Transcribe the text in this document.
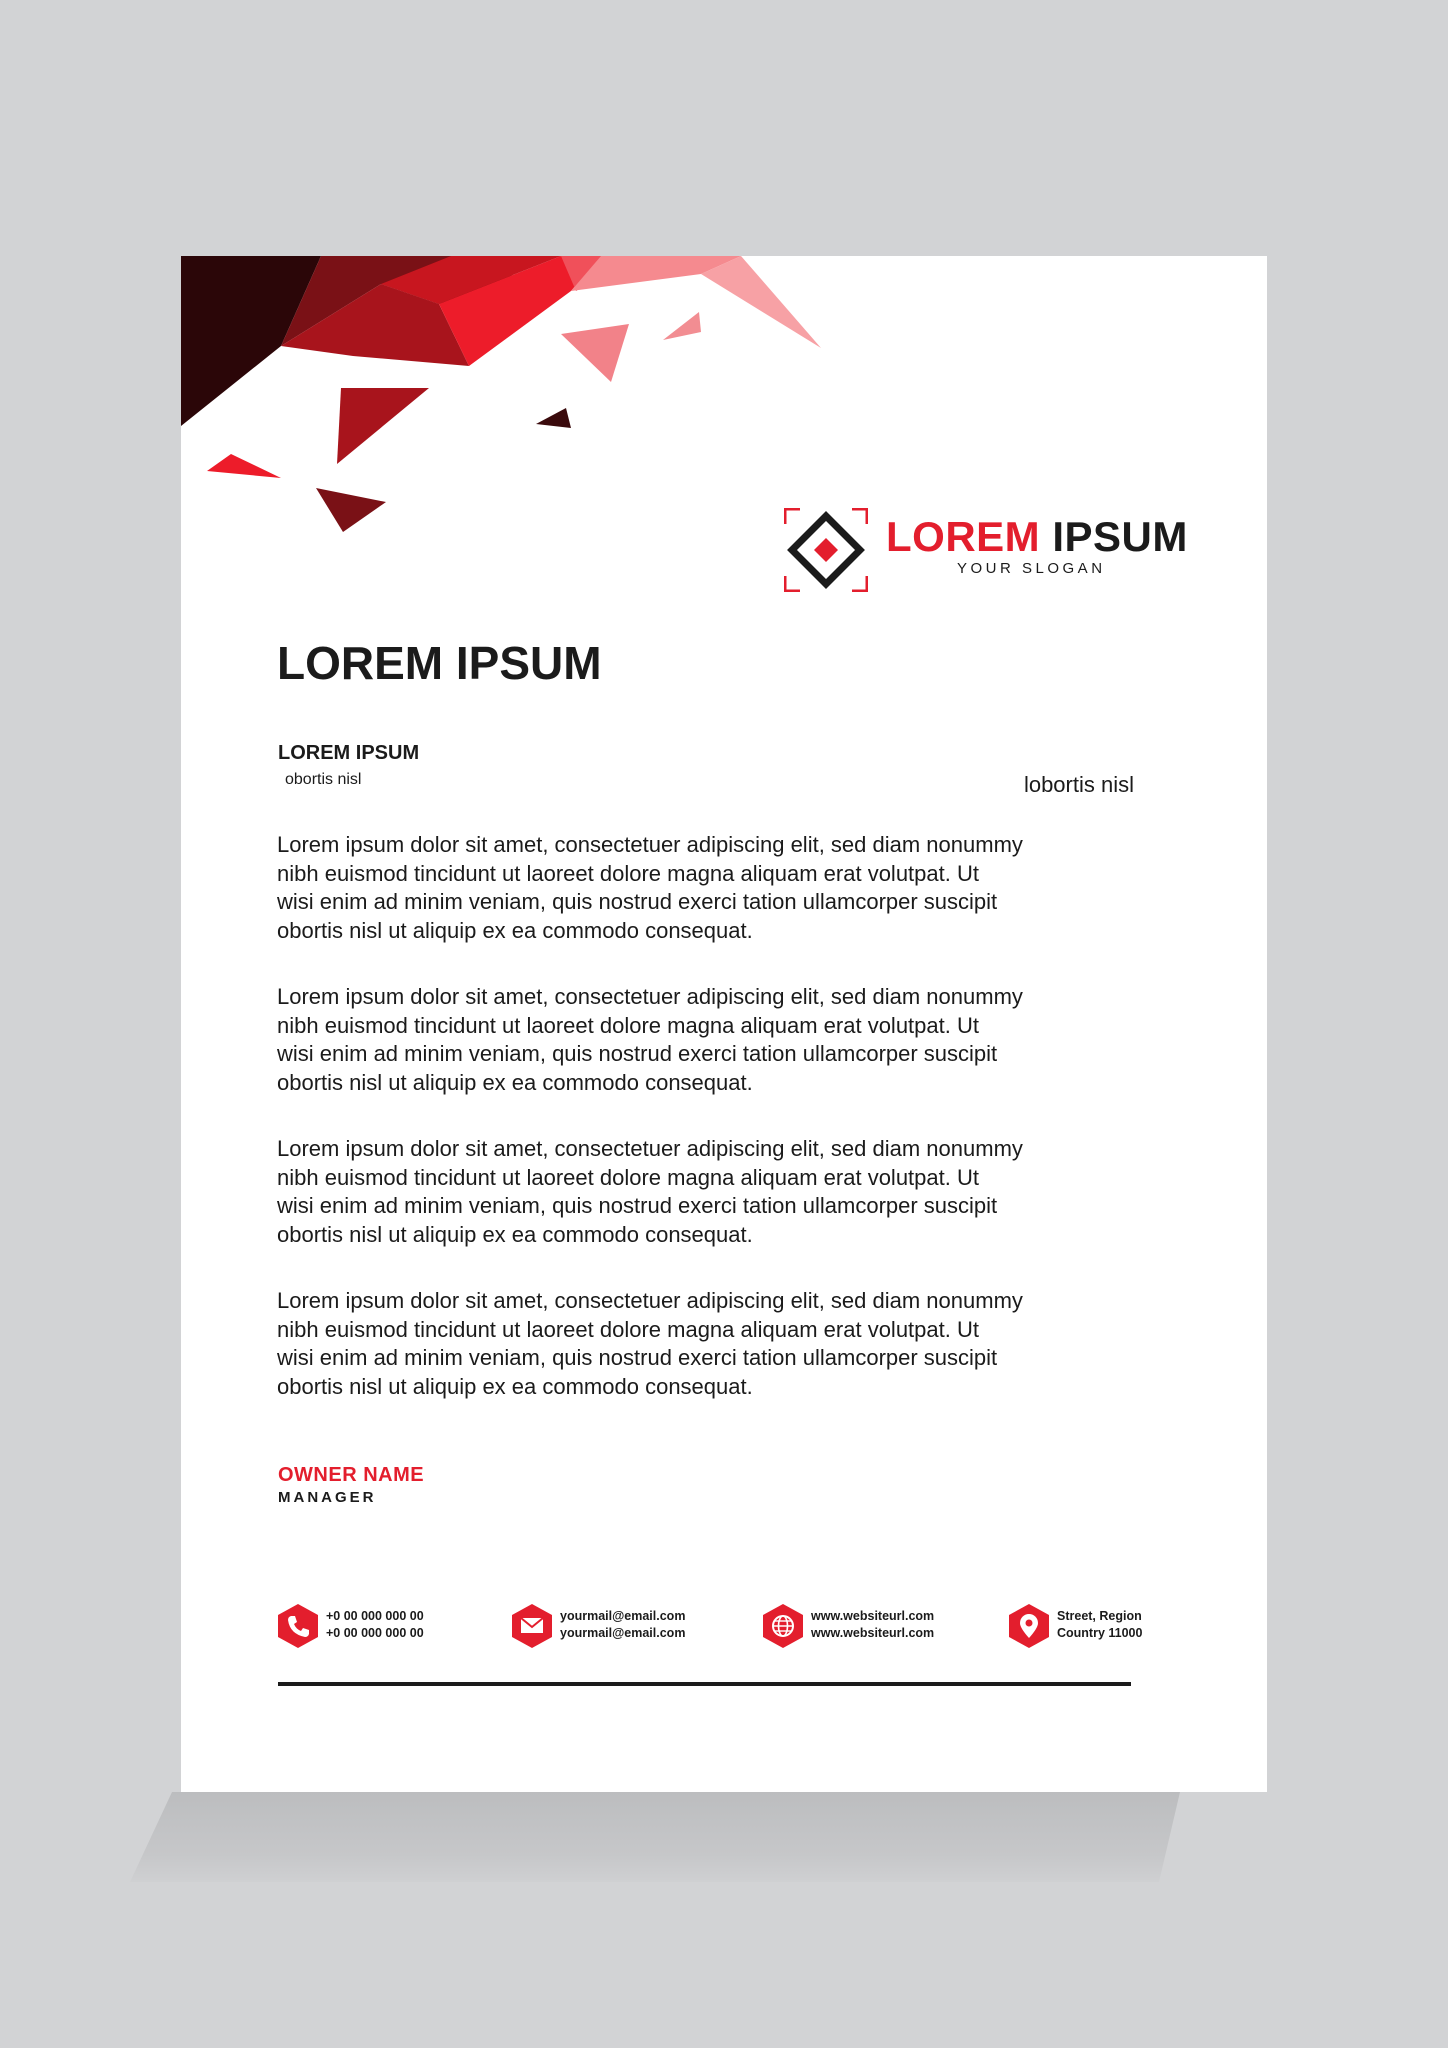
LOREM IPSUM
YOUR SLOGAN
LOREM IPSUM
LOREM IPSUM
obortis nisl	lobortis nisl

Lorem ipsum dolor sit amet, consectetuer adipiscing elit, sed diam nonummy
nibh euismod tincidunt ut laoreet dolore magna aliquam erat volutpat. Ut
wisi enim ad minim veniam, quis nostrud exerci tation ullamcorper suscipit
obortis nisl ut aliquip ex ea commodo consequat.

Lorem ipsum dolor sit amet, consectetuer adipiscing elit, sed diam nonummy
nibh euismod tincidunt ut laoreet dolore magna aliquam erat volutpat. Ut
wisi enim ad minim veniam, quis nostrud exerci tation ullamcorper suscipit
obortis nisl ut aliquip ex ea commodo consequat.

Lorem ipsum dolor sit amet, consectetuer adipiscing elit, sed diam nonummy
nibh euismod tincidunt ut laoreet dolore magna aliquam erat volutpat. Ut
wisi enim ad minim veniam, quis nostrud exerci tation ullamcorper suscipit
obortis nisl ut aliquip ex ea commodo consequat.

Lorem ipsum dolor sit amet, consectetuer adipiscing elit, sed diam nonummy
nibh euismod tincidunt ut laoreet dolore magna aliquam erat volutpat. Ut
wisi enim ad minim veniam, quis nostrud exerci tation ullamcorper suscipit
obortis nisl ut aliquip ex ea commodo consequat.

OWNER NAME
MANAGER
+0 00 000 000 00
+0 00 000 000 00
yourmail@email.com
yourmail@email.com
www.websiteurl.com
www.websiteurl.com
Street, Region
Country 11000
